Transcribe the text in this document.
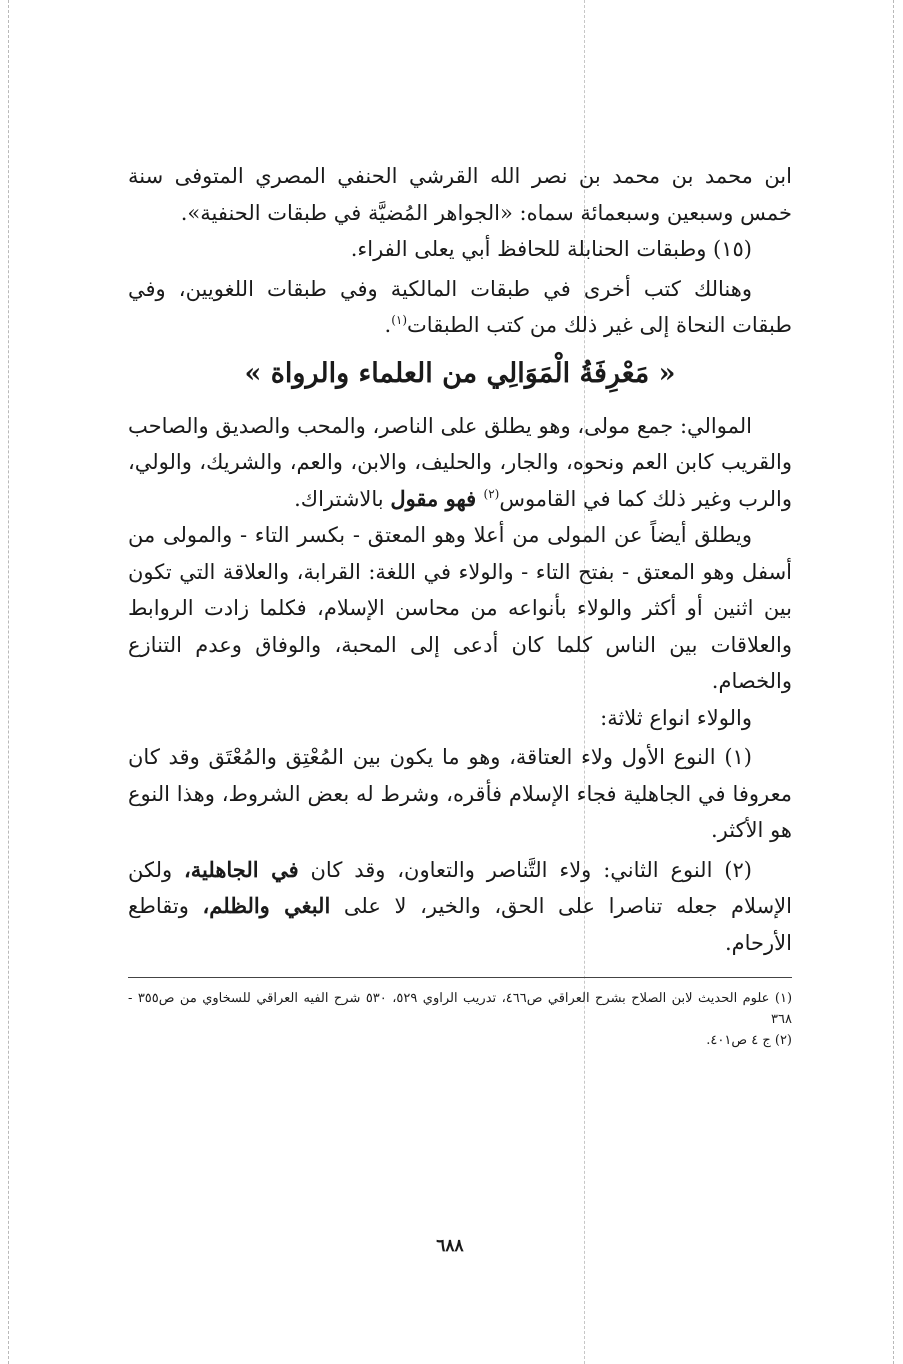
ابن محمد بن محمد بن نصر الله القرشي الحنفي المصري المتوفى سنة خمس وسبعين وسبعمائة سماه: «الجواهر المُضيَّة في طبقات الحنفية».

(١٥) وطبقات الحنابلة للحافظ أبي يعلى الفراء.

وهنالك كتب أخرى في طبقات المالكية وفي طبقات اللغويين، وفي طبقات النحاة إلى غير ذلك من كتب الطبقات$^{(١)}$.

« مَعْرِفَةُ الْمَوَالِي من العلماء والرواة »

الموالي: جمع مولى، وهو يطلق على الناصر، والمحب والصديق والصاحب والقريب كابن العم ونحوه، والجار، والحليف، والابن، والعم، والشريك، والولي، والرب وغير ذلك كما في القاموس$^{(٢)}$ فهو مقول بالاشتراك.

ويطلق أيضاً عن المولى من أعلا وهو المعتق - بكسر التاء - والمولى من أسفل وهو المعتق - بفتح التاء - والولاء في اللغة: القرابة، والعلاقة التي تكون بين اثنين أو أكثر والولاء بأنواعه من محاسن الإسلام، فكلما زادت الروابط والعلاقات بين الناس كلما كان أدعى إلى المحبة، والوفاق وعدم التنازع والخصام.

والولاء انواع ثلاثة:

(١) النوع الأول ولاء العتاقة، وهو ما يكون بين المُعْتِق والمُعْتَق وقد كان معروفا في الجاهلية فجاء الإسلام فأقره، وشرط له بعض الشروط، وهذا النوع هو الأكثر.

(٢) النوع الثاني: ولاء التَّناصر والتعاون، وقد كان في الجاهلية، ولكن الإسلام جعله تناصرا على الحق، والخير، لا على البغي والظلم، وتقاطع الأرحام.

(١) علوم الحديث لابن الصلاح بشرح العراقي ص٤٦٦، تدريب الراوي ٥٢٩، ٥٣٠ شرح الفيه العراقي للسخاوي من ص٣٥٥ - ٣٦٨

(٢) ج ٤ ص٤٠١.

٦٨٨
